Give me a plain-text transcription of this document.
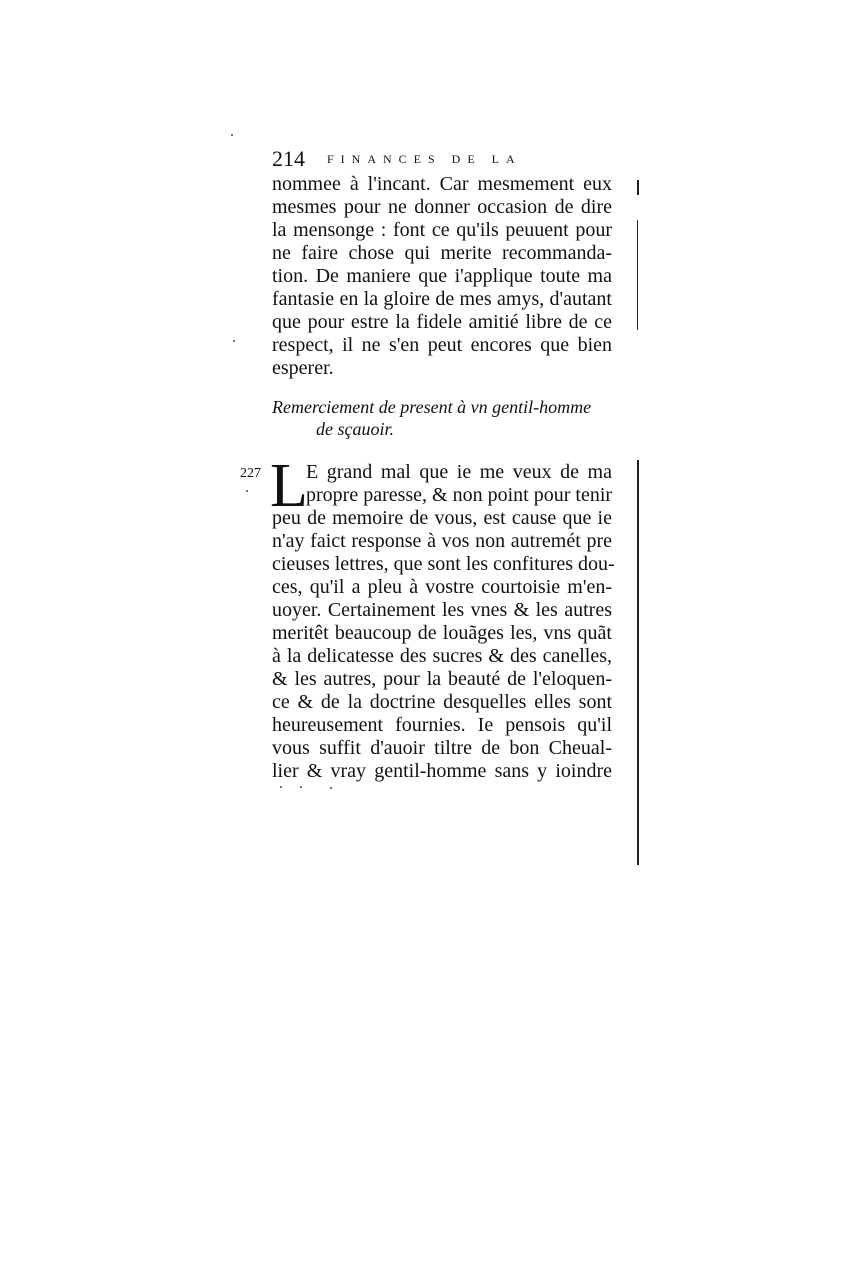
214 FINANCES DE LA
nommee à l'incant. Car mesmement eux
mesmes pour ne donner occasion de dire
la mensonge : font ce qu'ils peuuent pour
ne faire chose qui merite recommanda-
tion. De maniere que i'applique toute ma
fantasie en la gloire de mes amys, d'autant
que pour estre la fidele amitié libre de ce
respect, il ne s'en peut encores que bien
esperer.
Remerciement de present à vn gentil-homme
de sçauoir.
227 L
E grand mal que ie me veux de ma
propre paresse, & non point pour tenir
peu de memoire de vous, est cause que ie
n'ay faict response à vos non autremét pre
cieuses lettres, que sont les confitures dou-
ces, qu'il a pleu à vostre courtoisie m'en-
uoyer. Certainement les vnes & les autres
meritêt beaucoup de louãges les, vns quãt
à la delicatesse des sucres & des canelles,
& les autres, pour la beauté de l'eloquen-
ce & de la doctrine desquelles elles sont
heureusement fournies. Ie pensois qu'il
vous suffit d'auoir tiltre de bon Cheual-
lier & vray gentil-homme sans y ioindre
